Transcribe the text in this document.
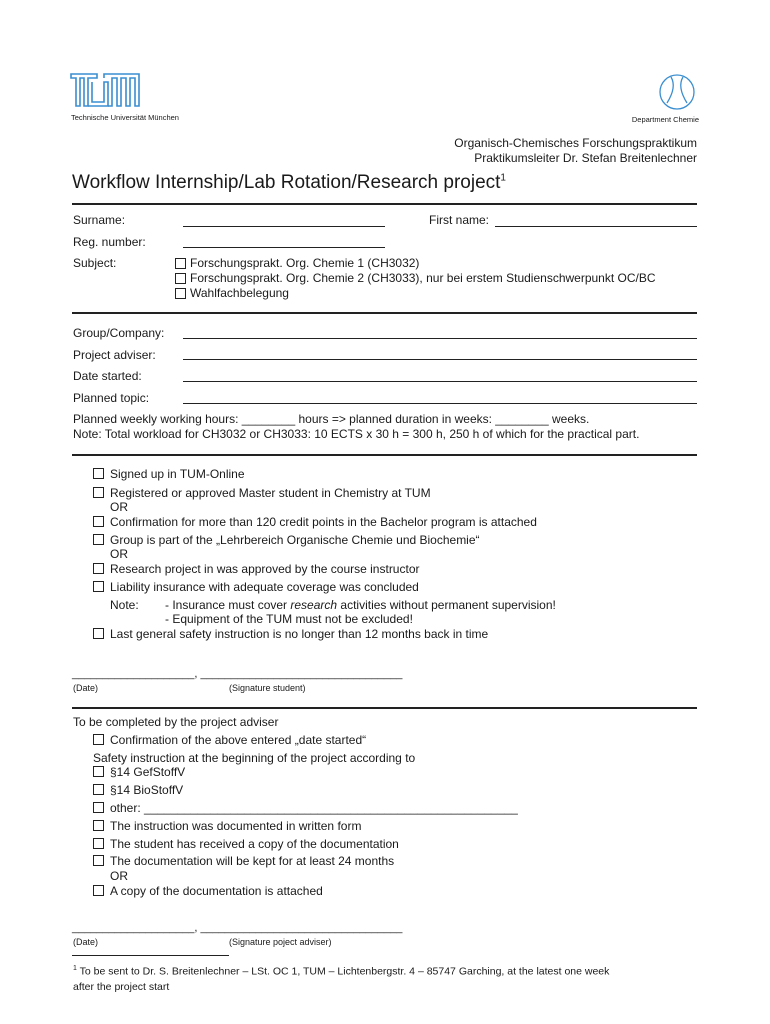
Technische Universität München	Department Chemie
Organisch-Chemisches Forschungspraktikum
Praktikumsleiter Dr. Stefan Breitenlechner
Workflow Internship/Lab Rotation/Research project$^1$
Surname:	First name:
Reg. number:
Subject:	Forschungsprakt. Org. Chemie 1 (CH3032)
Forschungsprakt. Org. Chemie 2 (CH3033), nur bei erstem Studienschwerpunkt OC/BC
Wahlfachbelegung
Group/Company:
Project adviser:
Date started:
Planned topic:
Planned weekly working hours: ________ hours => planned duration in weeks: ________ weeks.
Note: Total workload for CH3032 or CH3033: 10 ECTS x 30 h = 300 h, 250 h of which for the practical part.
Signed up in TUM-Online
Registered or approved Master student in Chemistry at TUM
OR
Confirmation for more than 120 credit points in the Bachelor program is attached
Group is part of the „Lehrbereich Organische Chemie und Biochemie“
OR
Research project in was approved by the course instructor
Liability insurance with adequate coverage was concluded
Note: - Insurance must cover research activities without permanent supervision!
- Equipment of the TUM must not be excluded!
Last general safety instruction is no longer than 12 months back in time
____________________, _________________________________
(Date)	(Signature student)
To be completed by the project adviser
Confirmation of the above entered „date started“
Safety instruction at the beginning of the project according to
§14 GefStoffV
§14 BioStoffV
other: ________________________________________________________
The instruction was documented in written form
The student has received a copy of the documentation
The documentation will be kept for at least 24 months
OR
A copy of the documentation is attached
____________________, _________________________________
(Date)	(Signature poject adviser)
$^1$ To be sent to Dr. S. Breitenlechner – LSt. OC 1, TUM – Lichtenbergstr. 4 – 85747 Garching, at the latest one week
after the project start
